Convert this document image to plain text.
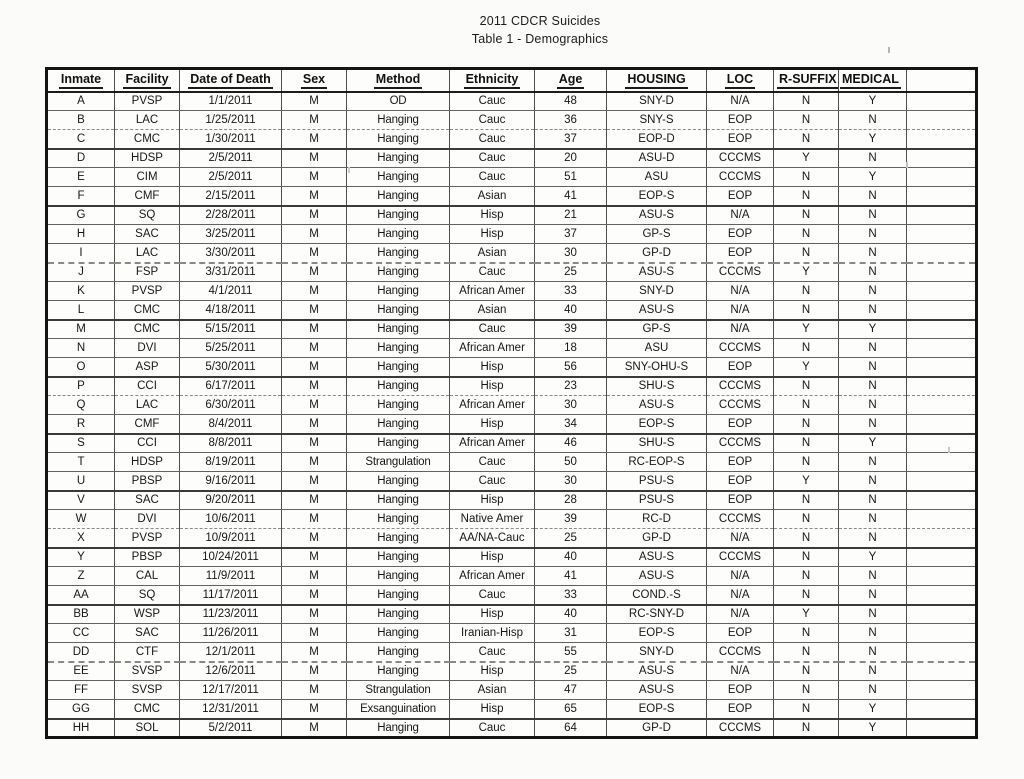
2011 CDCR Suicides
Table 1 - Demographics
Inmate	Facility	Date of Death	Sex	Method	Ethnicity	Age	HOUSING	LOC	R-SUFFIX	MEDICAL	
A	PVSP	1/1/2011	M	OD	Cauc	48	SNY-D	N/A	N	Y	
B	LAC	1/25/2011	M	Hanging	Cauc	36	SNY-S	EOP	N	N	
C	CMC	1/30/2011	M	Hanging	Cauc	37	EOP-D	EOP	N	Y	
D	HDSP	2/5/2011	M	Hanging	Cauc	20	ASU-D	CCCMS	Y	N	
E	CIM	2/5/2011	M	Hanging	Cauc	51	ASU	CCCMS	N	Y	
F	CMF	2/15/2011	M	Hanging	Asian	41	EOP-S	EOP	N	N	
G	SQ	2/28/2011	M	Hanging	Hisp	21	ASU-S	N/A	N	N	
H	SAC	3/25/2011	M	Hanging	Hisp	37	GP-S	EOP	N	N	
I	LAC	3/30/2011	M	Hanging	Asian	30	GP-D	EOP	N	N	
J	FSP	3/31/2011	M	Hanging	Cauc	25	ASU-S	CCCMS	Y	N	
K	PVSP	4/1/2011	M	Hanging	African Amer	33	SNY-D	N/A	N	N	
L	CMC	4/18/2011	M	Hanging	Asian	40	ASU-S	N/A	N	N	
M	CMC	5/15/2011	M	Hanging	Cauc	39	GP-S	N/A	Y	Y	
N	DVI	5/25/2011	M	Hanging	African Amer	18	ASU	CCCMS	N	N	
O	ASP	5/30/2011	M	Hanging	Hisp	56	SNY-OHU-S	EOP	Y	N	
P	CCI	6/17/2011	M	Hanging	Hisp	23	SHU-S	CCCMS	N	N	
Q	LAC	6/30/2011	M	Hanging	African Amer	30	ASU-S	CCCMS	N	N	
R	CMF	8/4/2011	M	Hanging	Hisp	34	EOP-S	EOP	N	N	
S	CCI	8/8/2011	M	Hanging	African Amer	46	SHU-S	CCCMS	N	Y	
T	HDSP	8/19/2011	M	Strangulation	Cauc	50	RC-EOP-S	EOP	N	N	
U	PBSP	9/16/2011	M	Hanging	Cauc	30	PSU-S	EOP	Y	N	
V	SAC	9/20/2011	M	Hanging	Hisp	28	PSU-S	EOP	N	N	
W	DVI	10/6/2011	M	Hanging	Native Amer	39	RC-D	CCCMS	N	N	
X	PVSP	10/9/2011	M	Hanging	AA/NA-Cauc	25	GP-D	N/A	N	N	
Y	PBSP	10/24/2011	M	Hanging	Hisp	40	ASU-S	CCCMS	N	Y	
Z	CAL	11/9/2011	M	Hanging	African Amer	41	ASU-S	N/A	N	N	
AA	SQ	11/17/2011	M	Hanging	Cauc	33	COND.-S	N/A	N	N	
BB	WSP	11/23/2011	M	Hanging	Hisp	40	RC-SNY-D	N/A	Y	N	
CC	SAC	11/26/2011	M	Hanging	Iranian-Hisp	31	EOP-S	EOP	N	N	
DD	CTF	12/1/2011	M	Hanging	Cauc	55	SNY-D	CCCMS	N	N	
EE	SVSP	12/6/2011	M	Hanging	Hisp	25	ASU-S	N/A	N	N	
FF	SVSP	12/17/2011	M	Strangulation	Asian	47	ASU-S	EOP	N	N	
GG	CMC	12/31/2011	M	Exsanguination	Hisp	65	EOP-S	EOP	N	Y	
HH	SOL	5/2/2011	M	Hanging	Cauc	64	GP-D	CCCMS	N	Y	
